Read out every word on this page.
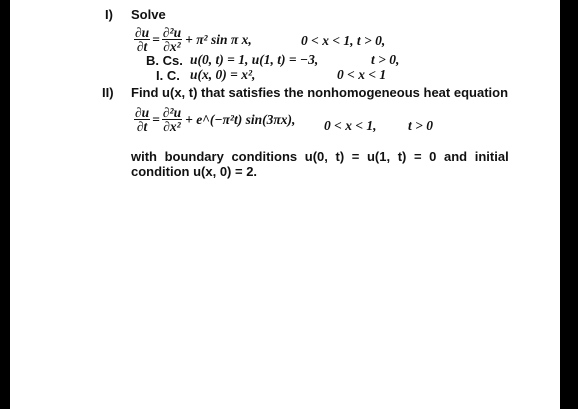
I) Solve
$\frac{\partial u}{\partial t} = \frac{\text{∂²u}}{\text{∂x²}} + \pi^2$ sin π x,	0 < x < 1, t > 0,
B. Cs. u(0, t) = 1, u(1, t) = −3,	t > 0,
I. C. u(x, 0) = x²,	0 < x < 1
II) Find u(x, t) that satisfies the nonhomogeneous heat equation
$\frac{\partial u}{\partial t} = \frac{\text{∂²u}}{\text{∂x²}}$ + e^(−π²t) sin(3πx), 0 < x < 1, t > 0
with boundary conditions u(0, t) = u(1, t) = 0 and initial
condition u(x, 0) = 2.
